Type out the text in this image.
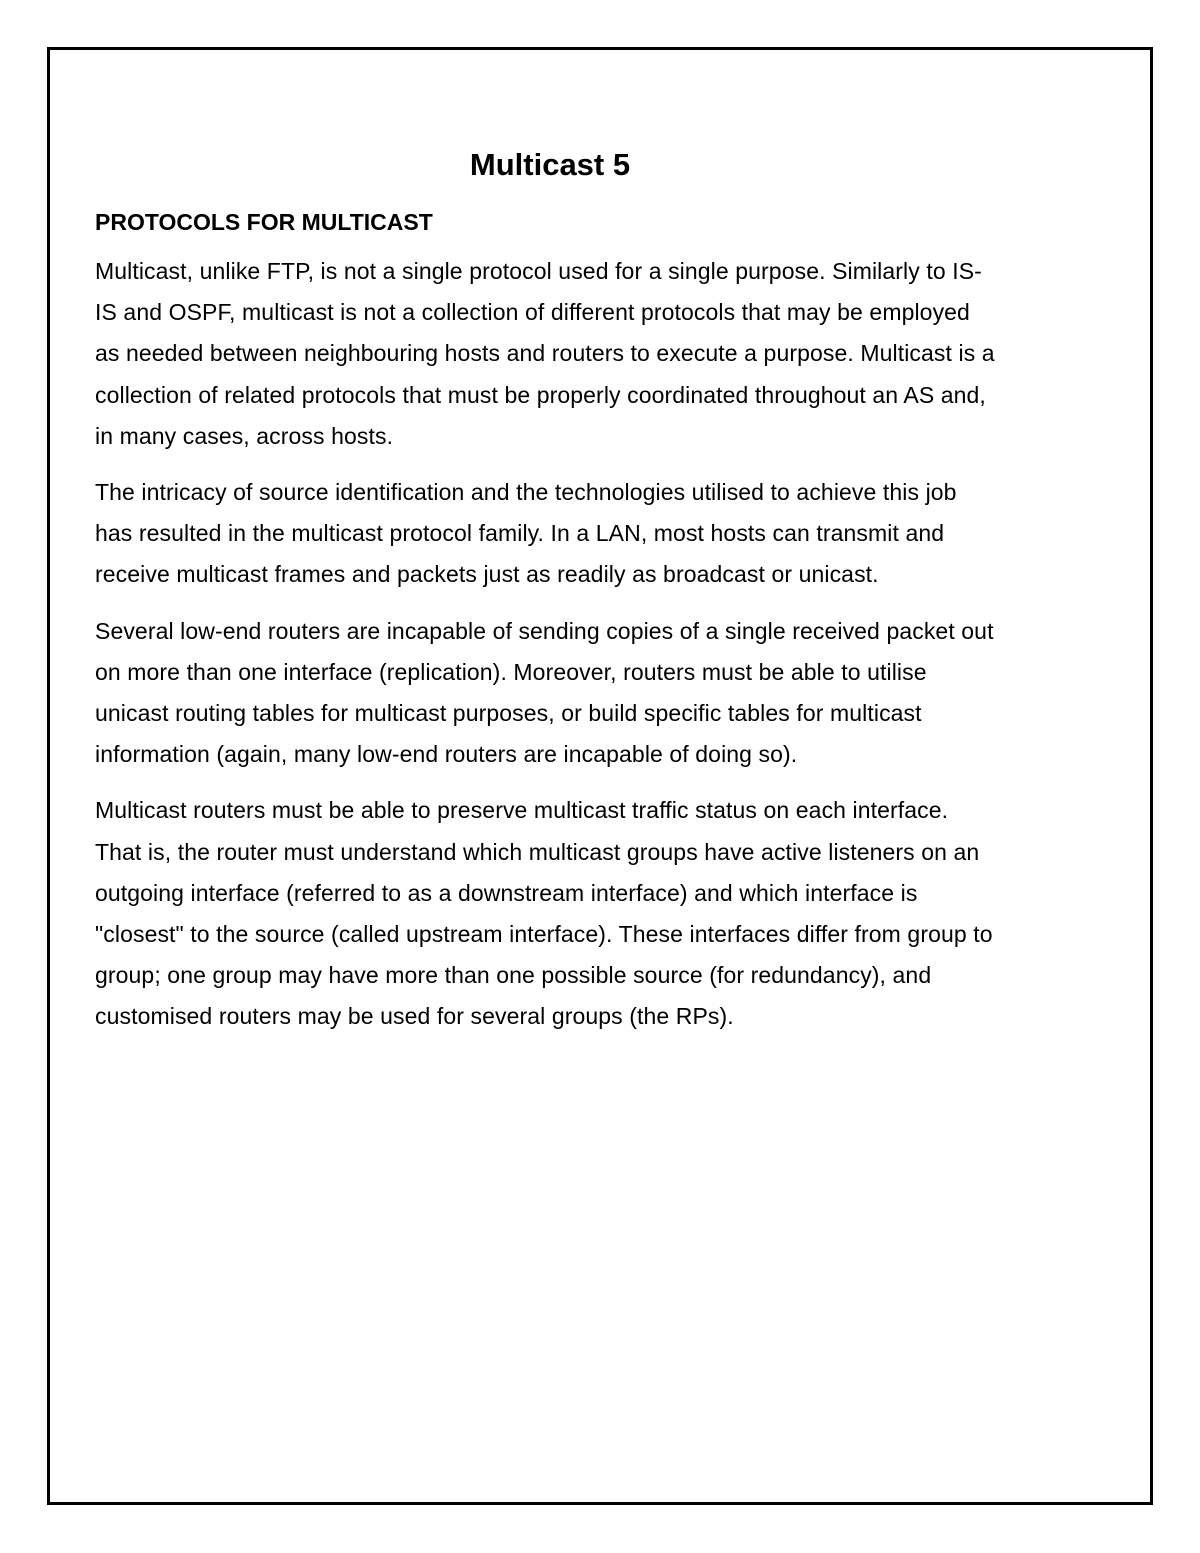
Multicast 5
PROTOCOLS FOR MULTICAST

Multicast, unlike FTP, is not a single protocol used for a single purpose. Similarly to IS-IS and OSPF, multicast is not a collection of different protocols that may be employed as needed between neighbouring hosts and routers to execute a purpose. Multicast is a collection of related protocols that must be properly coordinated throughout an AS and, in many cases, across hosts.

The intricacy of source identification and the technologies utilised to achieve this job has resulted in the multicast protocol family. In a LAN, most hosts can transmit and receive multicast frames and packets just as readily as broadcast or unicast.

Several low-end routers are incapable of sending copies of a single received packet out on more than one interface (replication). Moreover, routers must be able to utilise unicast routing tables for multicast purposes, or build specific tables for multicast information (again, many low-end routers are incapable of doing so).

Multicast routers must be able to preserve multicast traffic status on each interface. That is, the router must understand which multicast groups have active listeners on an outgoing interface (referred to as a downstream interface) and which interface is "closest" to the source (called upstream interface). These interfaces differ from group to group; one group may have more than one possible source (for redundancy), and customised routers may be used for several groups (the RPs).
